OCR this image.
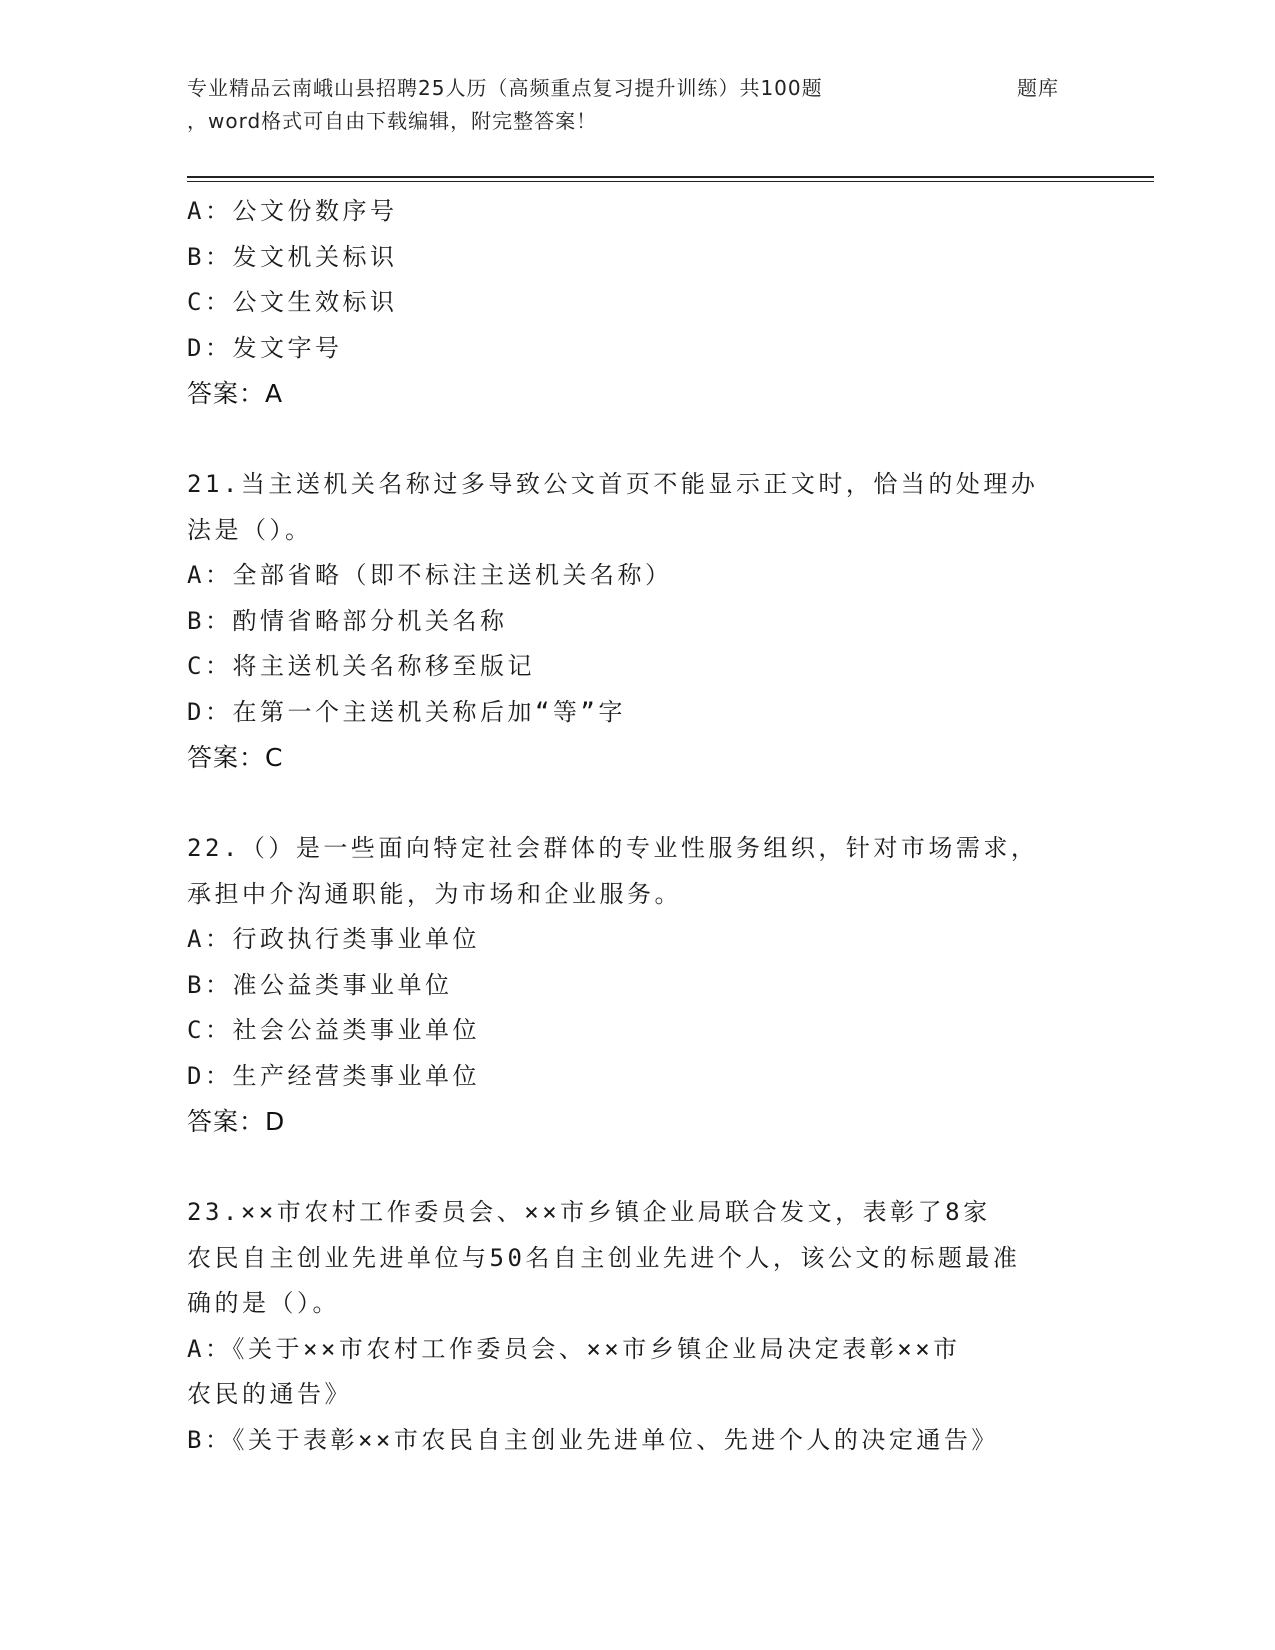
专业精品云南峨山县招聘25人历（高频重点复习提升训练）共100题
，word格式可自由下载编辑，附完整答案！
题库
A：公文份数序号
B：发文机关标识
C：公文生效标识
D：发文字号
答案：A
21.当主送机关名称过多导致公文首页不能显示正文时，恰当的处理办
法是（）。
A：全部省略（即不标注主送机关名称）
B：酌情省略部分机关名称
C：将主送机关名称移至版记
D：在第一个主送机关称后加“等”字
答案：C
22.（）是一些面向特定社会群体的专业性服务组织，针对市场需求，
承担中介沟通职能，为市场和企业服务。
A：行政执行类事业单位
B：准公益类事业单位
C：社会公益类事业单位
D：生产经营类事业单位
答案：D
23.××市农村工作委员会、××市乡镇企业局联合发文，表彰了8家
农民自主创业先进单位与50名自主创业先进个人，该公文的标题最准
确的是（）。
A：《关于××市农村工作委员会、××市乡镇企业局决定表彰××市
农民的通告》
B：《关于表彰××市农民自主创业先进单位、先进个人的决定通告》
